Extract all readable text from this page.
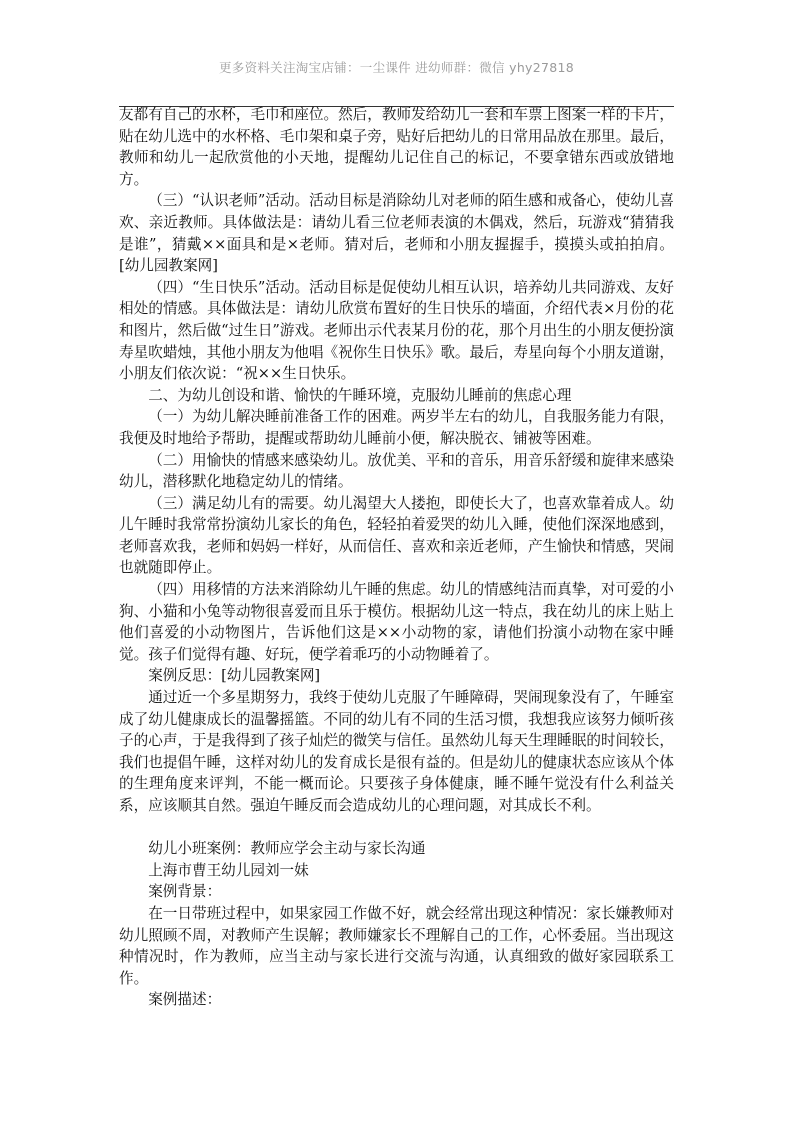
更多资料关注淘宝店铺：一尘课件 进幼师群：微信 yhy27818

友都有自己的水杯，毛巾和座位。然后，教师发给幼儿一套和车票上图案一样的卡片，贴在幼儿选中的水杯格、毛巾架和桌子旁，贴好后把幼儿的日常用品放在那里。最后，教师和幼儿一起欣赏他的小天地，提醒幼儿记住自己的标记，不要拿错东西或放错地方。

（三）“认识老师”活动。活动目标是消除幼儿对老师的陌生感和戒备心，使幼儿喜欢、亲近教师。具体做法是：请幼儿看三位老师表演的木偶戏，然后，玩游戏“猜猜我是谁”，猜戴××面具和是×老师。猜对后，老师和小朋友握握手，摸摸头或拍拍肩。[幼儿园教案网]

（四）“生日快乐”活动。活动目标是促使幼儿相互认识，培养幼儿共同游戏、友好相处的情感。具体做法是：请幼儿欣赏布置好的生日快乐的墙面，介绍代表×月份的花和图片，然后做“过生日”游戏。老师出示代表某月份的花，那个月出生的小朋友便扮演寿星吹蜡烛，其他小朋友为他唱《祝你生日快乐》歌。最后，寿星向每个小朋友道谢，小朋友们依次说：“祝××生日快乐。

二、为幼儿创设和谐、愉快的午睡环境，克服幼儿睡前的焦虑心理

（一）为幼儿解决睡前准备工作的困难。两岁半左右的幼儿，自我服务能力有限，我便及时地给予帮助，提醒或帮助幼儿睡前小便，解决脱衣、铺被等困难。

（二）用愉快的情感来感染幼儿。放优美、平和的音乐，用音乐舒缓和旋律来感染幼儿，潜移默化地稳定幼儿的情绪。

（三）满足幼儿有的需要。幼儿渴望大人搂抱，即使长大了，也喜欢靠着成人。幼儿午睡时我常常扮演幼儿家长的角色，轻轻拍着爱哭的幼儿入睡，使他们深深地感到，老师喜欢我，老师和妈妈一样好，从而信任、喜欢和亲近老师，产生愉快和情感，哭闹也就随即停止。

（四）用移情的方法来消除幼儿午睡的焦虑。幼儿的情感纯洁而真挚，对可爱的小狗、小猫和小兔等动物很喜爱而且乐于模仿。根据幼儿这一特点，我在幼儿的床上贴上他们喜爱的小动物图片，告诉他们这是××小动物的家，请他们扮演小动物在家中睡觉。孩子们觉得有趣、好玩，便学着乖巧的小动物睡着了。

案例反思：[幼儿园教案网]

通过近一个多星期努力，我终于使幼儿克服了午睡障碍，哭闹现象没有了，午睡室成了幼儿健康成长的温馨摇篮。不同的幼儿有不同的生活习惯，我想我应该努力倾听孩子的心声，于是我得到了孩子灿烂的微笑与信任。虽然幼儿每天生理睡眠的时间较长，我们也提倡午睡，这样对幼儿的发育成长是很有益的。但是幼儿的健康状态应该从个体的生理角度来评判，不能一概而论。只要孩子身体健康，睡不睡午觉没有什么利益关系，应该顺其自然。强迫午睡反而会造成幼儿的心理问题，对其成长不利。

幼儿小班案例：教师应学会主动与家长沟通

上海市曹王幼儿园刘一妹

案例背景：

在一日带班过程中，如果家园工作做不好，就会经常出现这种情况：家长嫌教师对幼儿照顾不周，对教师产生误解；教师嫌家长不理解自己的工作，心怀委屈。当出现这种情况时，作为教师，应当主动与家长进行交流与沟通，认真细致的做好家园联系工作。

案例描述：
